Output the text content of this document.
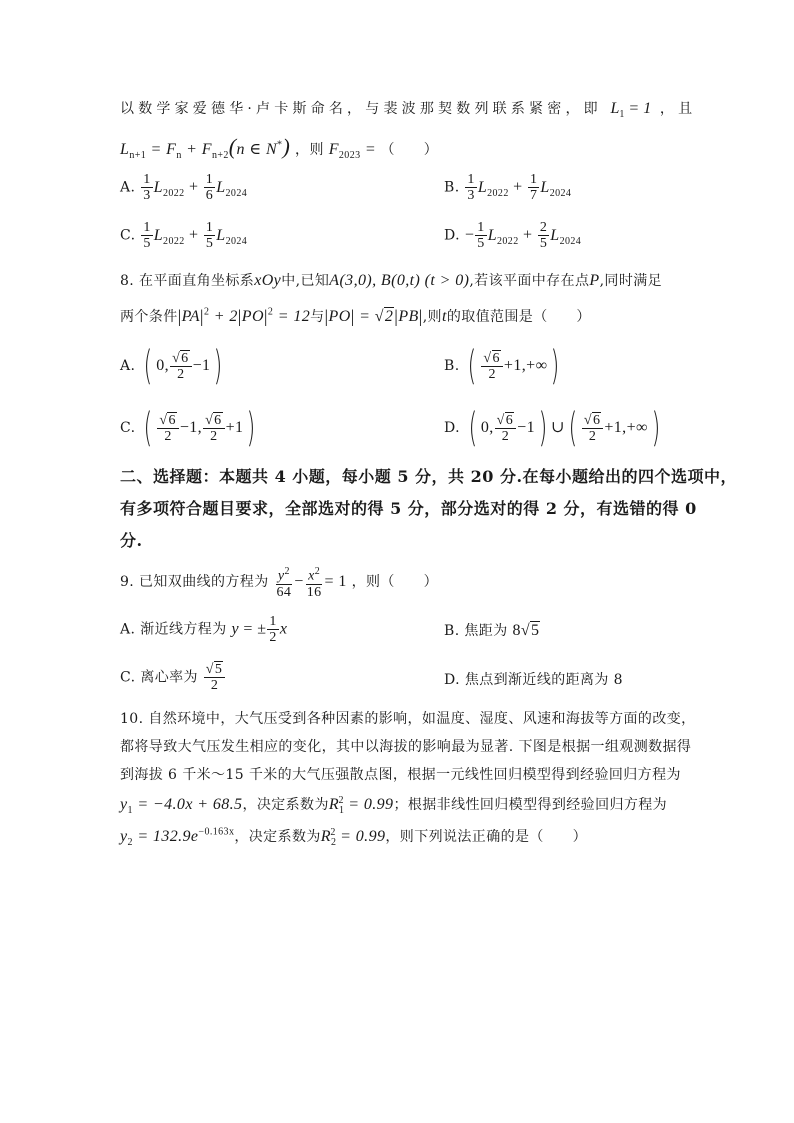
以数学家爱德华·卢卡斯命名，与裴波那契数列联系紧密，即 $L_1 = 1$ ，且
$L_{n+1} = F_n + F_{n+2}(n$ ∈ N*) ，则 $F_{2023}$ = （　　）
A. $\frac{1}{3} L_{2022} + \frac{1}{6} L_{2024}$	B. $\frac{1}{3} L_{2022} + \frac{1}{7} L_{2024}$
C. $\frac{1}{5} L_{2022} + \frac{1}{5} L_{2024}$	D. − $\frac{1}{5} L_{2022} + \frac{2}{5} L_{2024}$
8. 在平面直角坐标系xOy中,已知A(3,0), B(0,t) (t > 0),若该平面中存在点P,同时满足
两个条件$|PA|^2 + 2|PO|^2 = 12$与|PO| = √2|PB|,则t的取值范围是（　　）
A. ( 0, $\frac{√6}{2} -1$)	B. ( $\frac{√6}{2} +1,+\infty$)
C. ( $\frac{√6}{2} -1$, $\frac{√6}{2} +1$)	D. ( 0, $\frac{√6}{2} -1$) ∪( $\frac{√6}{2} +1,+\infty$)
二、选择题：本题共 4 小题，每小题 5 分，共 20 分.在每小题给出的四个选项中，
有多项符合题目要求，全部选对的得 5 分，部分选对的得 2 分，有选错的得 0
分.
9. 已知双曲线的方程为 $\frac{y^2}{64} - \frac{x^2}{16} = 1$ ，则（　　）
A. 渐近线方程为 y = ± $\frac{1}{2}$ x	B. 焦距为 8√5
C. 离心率为 $\frac{√5}{2}$	D. 焦点到渐近线的距离为 8
10. 自然环境中，大气压受到各种因素的影响，如温度、湿度、风速和海拔等方面的改变，
都将导致大气压发生相应的变化，其中以海拔的影响最为显著. 下图是根据一组观测数据得
到海拔 6 千米～15 千米的大气压强散点图，根据一元线性回归模型得到经验回归方程为
$y_1 = -4.0x + 68.5$，决定系数为$R_1^2 = 0.99$；根据非线性回归模型得到经验回归方程为
$y_2 = 132.9e^{-0.163x}$，决定系数为$R_2^2 = 0.99$，则下列说法正确的是（　　）
